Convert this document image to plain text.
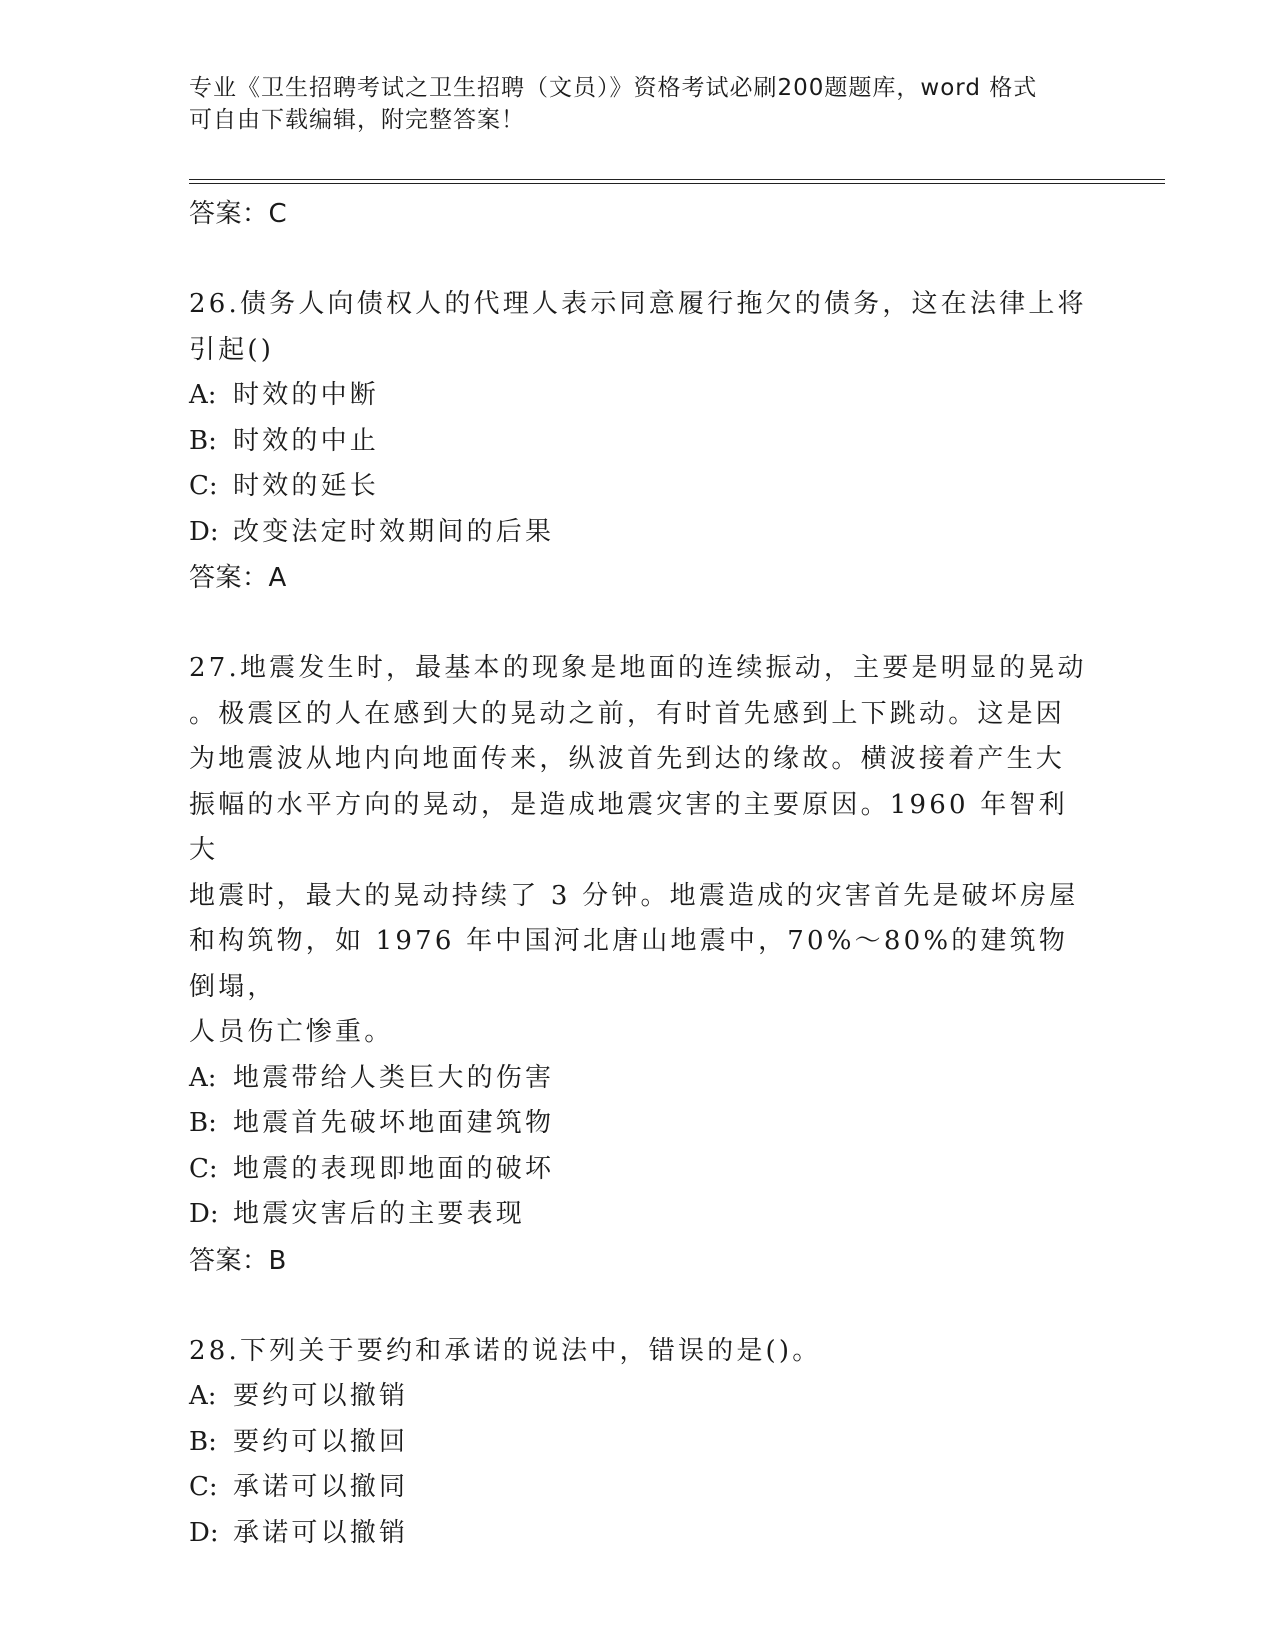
专业《卫生招聘考试之卫生招聘（文员）》资格考试必刷200题题库，word 格式
可自由下载编辑，附完整答案！
答案：C
26.债务人向债权人的代理人表示同意履行拖欠的债务，这在法律上将
引起()
A: 时效的中断
B: 时效的中止
C: 时效的延长
D: 改变法定时效期间的后果
答案：A
27.地震发生时，最基本的现象是地面的连续振动，主要是明显的晃动
。极震区的人在感到大的晃动之前，有时首先感到上下跳动。这是因
为地震波从地内向地面传来，纵波首先到达的缘故。横波接着产生大
振幅的水平方向的晃动，是造成地震灾害的主要原因。1960 年智利大
地震时，最大的晃动持续了 3 分钟。地震造成的灾害首先是破坏房屋
和构筑物，如 1976 年中国河北唐山地震中，70%～80%的建筑物倒塌，
人员伤亡惨重。
A: 地震带给人类巨大的伤害
B: 地震首先破坏地面建筑物
C: 地震的表现即地面的破坏
D: 地震灾害后的主要表现
答案：B
28.下列关于要约和承诺的说法中，错误的是()。
A: 要约可以撤销
B: 要约可以撤回
C: 承诺可以撤同
D: 承诺可以撤销
